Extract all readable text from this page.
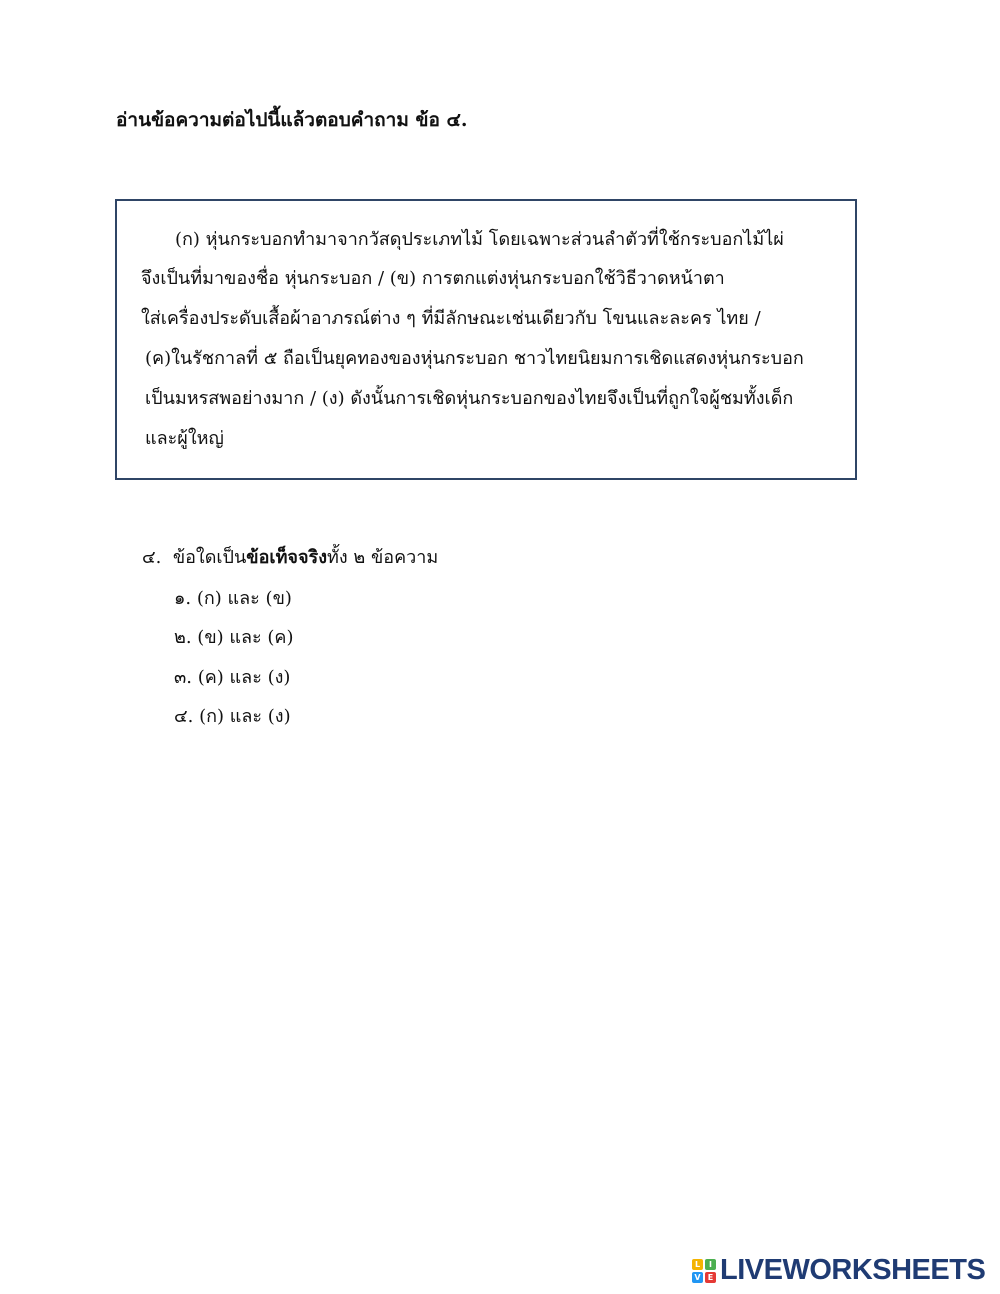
อ่านข้อความต่อไปนี้แล้วตอบคำถาม ข้อ ๔.
(ก) หุ่นกระบอกทำมาจากวัสดุประเภทไม้ โดยเฉพาะส่วนลำตัวที่ใช้กระบอกไม้ไผ่
จึงเป็นที่มาของชื่อ หุ่นกระบอก / (ข) การตกแต่งหุ่นกระบอกใช้วิธีวาดหน้าตา
ใส่เครื่องประดับเสื้อผ้าอาภรณ์ต่าง ๆ ที่มีลักษณะเช่นเดียวกับ โขนและละคร ไทย /
(ค)ในรัชกาลที่ ๕ ถือเป็นยุคทองของหุ่นกระบอก ชาวไทยนิยมการเชิดแสดงหุ่นกระบอก
เป็นมหรสพอย่างมาก / (ง) ดังนั้นการเชิดหุ่นกระบอกของไทยจึงเป็นที่ถูกใจผู้ชมทั้งเด็ก
และผู้ใหญ่
๔. ข้อใดเป็นข้อเท็จจริงทั้ง ๒ ข้อความ
๑. (ก) และ (ข)
๒. (ข) และ (ค)
๓. (ค) และ (ง)
๔. (ก) และ (ง)
L	I
V E LIVEWORKSHEETS
